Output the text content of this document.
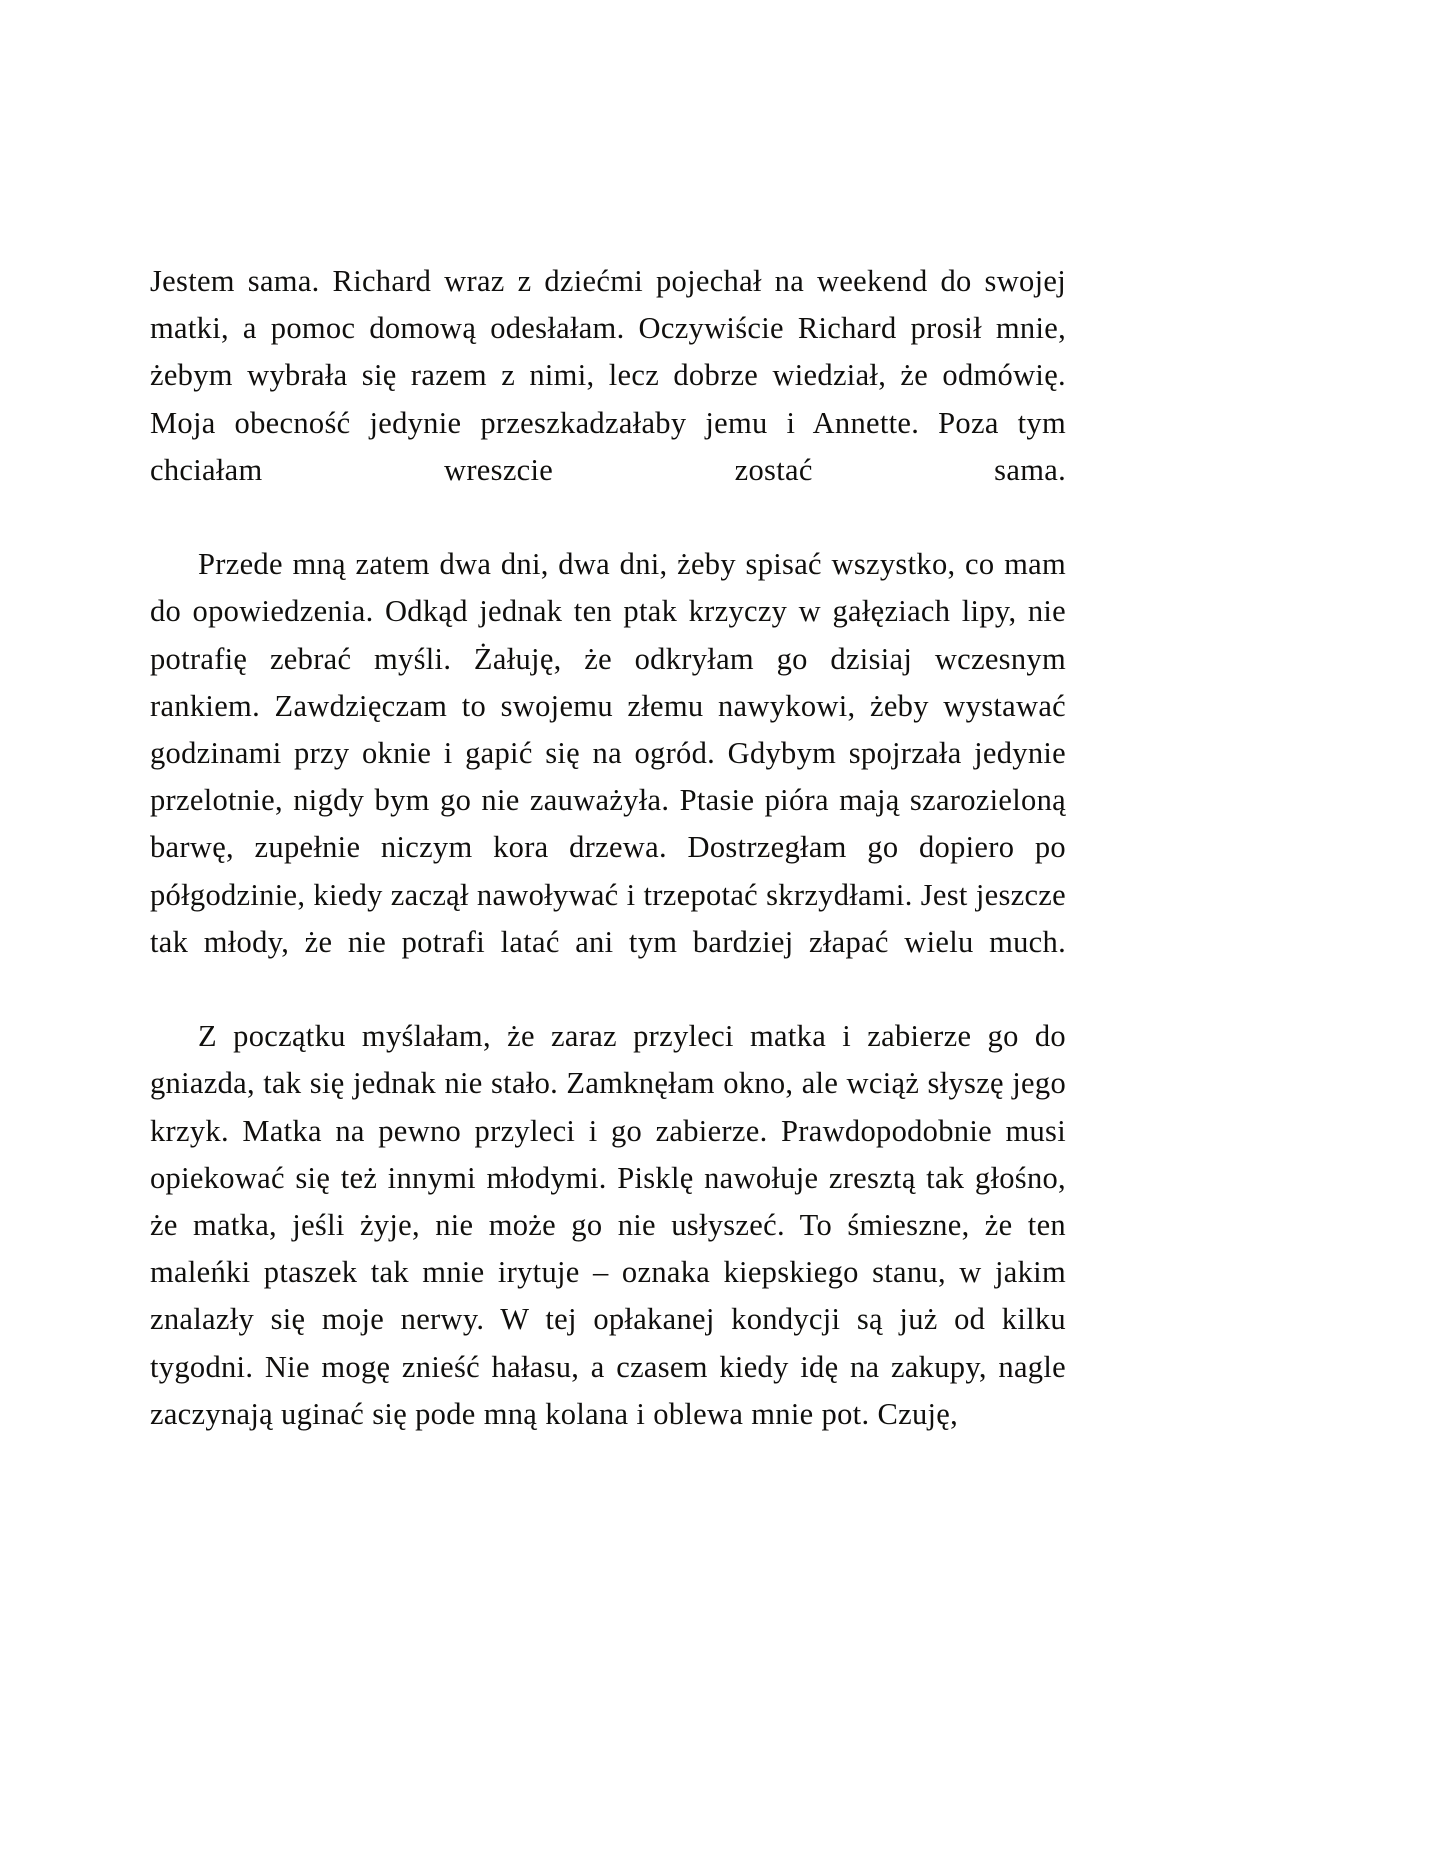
Jestem sama. Richard wraz z dziećmi pojechał na weekend do swojej matki, a pomoc domową odesłałam. Oczywiście Richard prosił mnie, żebym wybrała się razem z nimi, lecz dobrze wiedział, że odmówię. Moja obecność jedynie przeszkadzałaby jemu i Annette. Poza tym chciałam wreszcie zostać sama.

Przede mną zatem dwa dni, dwa dni, żeby spisać wszystko, co mam do opowiedzenia. Odkąd jednak ten ptak krzyczy w gałęziach lipy, nie potrafię zebrać myśli. Żałuję, że odkryłam go dzisiaj wczesnym rankiem. Zawdzięczam to swojemu złemu nawykowi, żeby wystawać godzinami przy oknie i gapić się na ogród. Gdybym spojrzała jedynie przelotnie, nigdy bym go nie zauważyła. Ptasie pióra mają szarozieloną barwę, zupełnie niczym kora drzewa. Dostrzegłam go dopiero po półgodzinie, kiedy zaczął nawoływać i trzepotać skrzydłami. Jest jeszcze tak młody, że nie potrafi latać ani tym bardziej złapać wielu much.

Z początku myślałam, że zaraz przyleci matka i zabierze go do gniazda, tak się jednak nie stało. Zamknęłam okno, ale wciąż słyszę jego krzyk. Matka na pewno przyleci i go zabierze. Prawdopodobnie musi opiekować się też innymi młodymi. Pisklę nawołuje zresztą tak głośno, że matka, jeśli żyje, nie może go nie usłyszeć. To śmieszne, że ten maleńki ptaszek tak mnie irytuje – oznaka kiepskiego stanu, w jakim znalazły się moje nerwy. W tej opłakanej kondycji są już od kilku tygodni. Nie mogę znieść hałasu, a czasem kiedy idę na zakupy, nagle zaczynają uginać się pode mną kolana i oblewa mnie pot. Czuję,
